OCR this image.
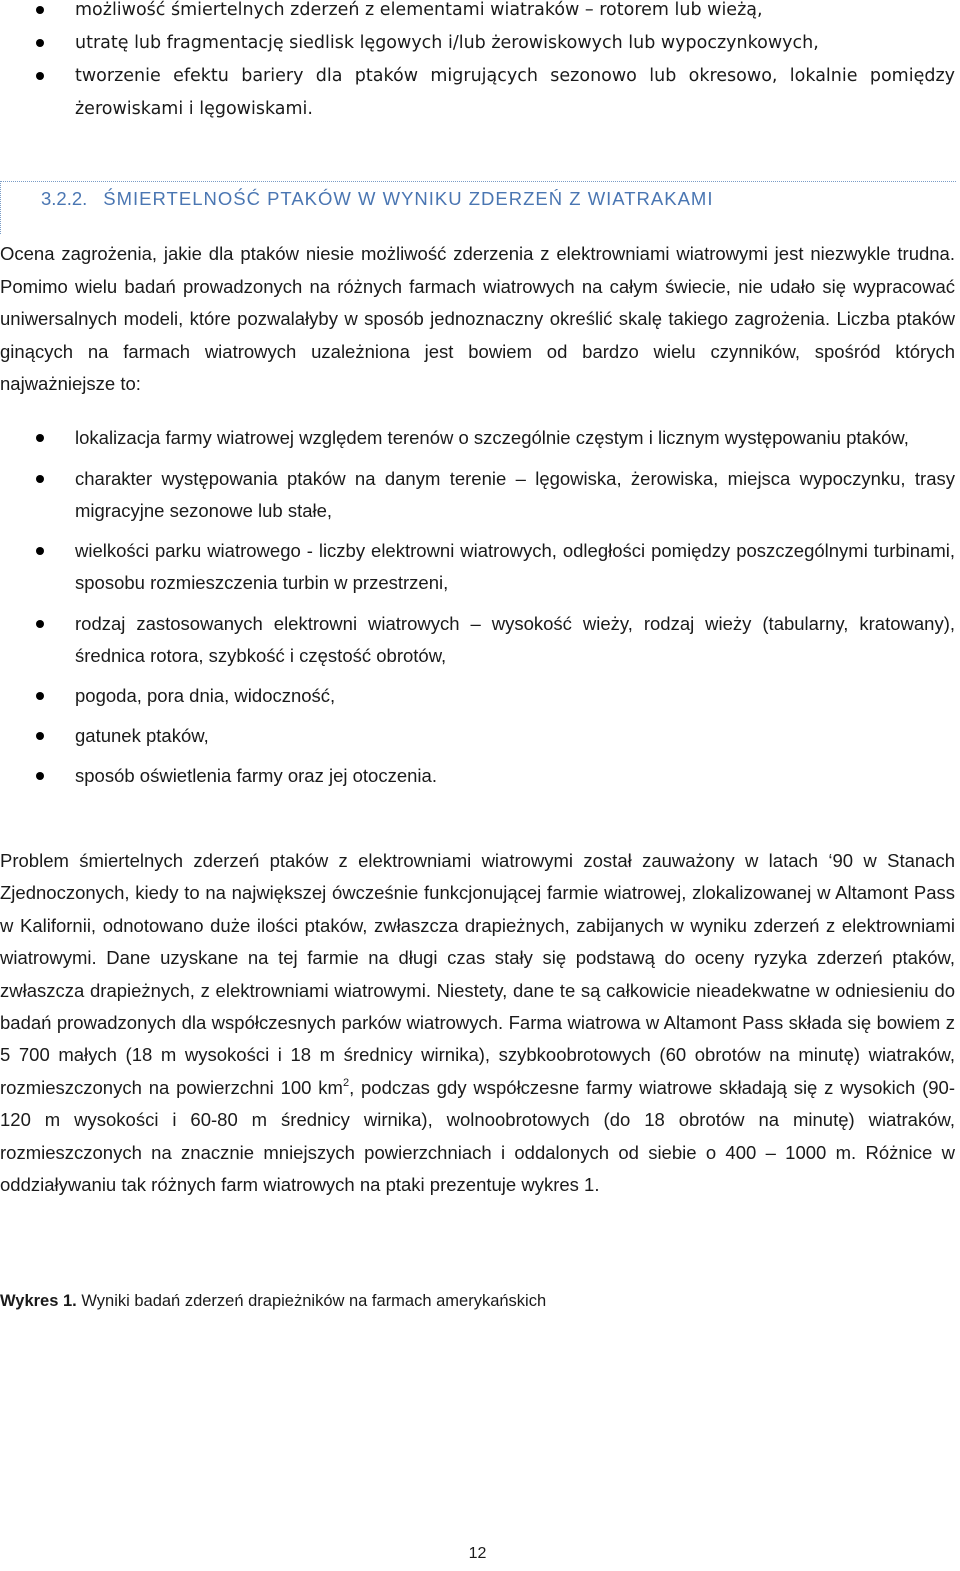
możliwość śmiertelnych zderzeń z elementami wiatraków – rotorem lub wieżą,
utratę lub fragmentację siedlisk lęgowych i/lub żerowiskowych lub wypoczynkowych,
tworzenie efektu bariery dla ptaków migrujących sezonowo lub okresowo, lokalnie pomiędzy żerowiskami i lęgowiskami.
3.2.2. ŚMIERTELNOŚĆ PTAKÓW W WYNIKU ZDERZEŃ Z WIATRAKAMI

Ocena zagrożenia, jakie dla ptaków niesie możliwość zderzenia z elektrowniami wiatrowymi jest niezwykle trudna. Pomimo wielu badań prowadzonych na różnych farmach wiatrowych na całym świecie, nie udało się wypracować uniwersalnych modeli, które pozwalałyby w sposób jednoznaczny określić skalę takiego zagrożenia. Liczba ptaków ginących na farmach wiatrowych uzależniona jest bowiem od bardzo wielu czynników, spośród których najważniejsze to:

lokalizacja farmy wiatrowej względem terenów o szczególnie częstym i licznym występowaniu ptaków,
charakter występowania ptaków na danym terenie – lęgowiska, żerowiska, miejsca wypoczynku, trasy migracyjne sezonowe lub stałe,
wielkości parku wiatrowego - liczby elektrowni wiatrowych, odległości pomiędzy poszczególnymi turbinami, sposobu rozmieszczenia turbin w przestrzeni,
rodzaj zastosowanych elektrowni wiatrowych – wysokość wieży, rodzaj wieży (tabularny, kratowany), średnica rotora, szybkość i częstość obrotów,
pogoda, pora dnia, widoczność,
gatunek ptaków,
sposób oświetlenia farmy oraz jej otoczenia.

Problem śmiertelnych zderzeń ptaków z elektrowniami wiatrowymi został zauważony w latach ‘90 w Stanach Zjednoczonych, kiedy to na największej ówcześnie funkcjonującej farmie wiatrowej, zlokalizowanej w Altamont Pass w Kalifornii, odnotowano duże ilości ptaków, zwłaszcza drapieżnych, zabijanych w wyniku zderzeń z elektrowniami wiatrowymi. Dane uzyskane na tej farmie na długi czas stały się podstawą do oceny ryzyka zderzeń ptaków, zwłaszcza drapieżnych, z elektrowniami wiatrowymi. Niestety, dane te są całkowicie nieadekwatne w odniesieniu do badań prowadzonych dla współczesnych parków wiatrowych. Farma wiatrowa w Altamont Pass składa się bowiem z 5 700 małych (18 m wysokości i 18 m średnicy wirnika), szybkoobrotowych (60 obrotów na minutę) wiatraków, rozmieszczonych na powierzchni 100 $km^2$, podczas gdy współczesne farmy wiatrowe składają się z wysokich (90-120 m wysokości i 60-80 m średnicy wirnika), wolnoobrotowych (do 18 obrotów na minutę) wiatraków, rozmieszczonych na znacznie mniejszych powierzchniach i oddalonych od siebie o 400 – 1000 m. Różnice w oddziaływaniu tak różnych farm wiatrowych na ptaki prezentuje wykres 1.

Wykres 1. Wyniki badań zderzeń drapieżników na farmach amerykańskich
12
